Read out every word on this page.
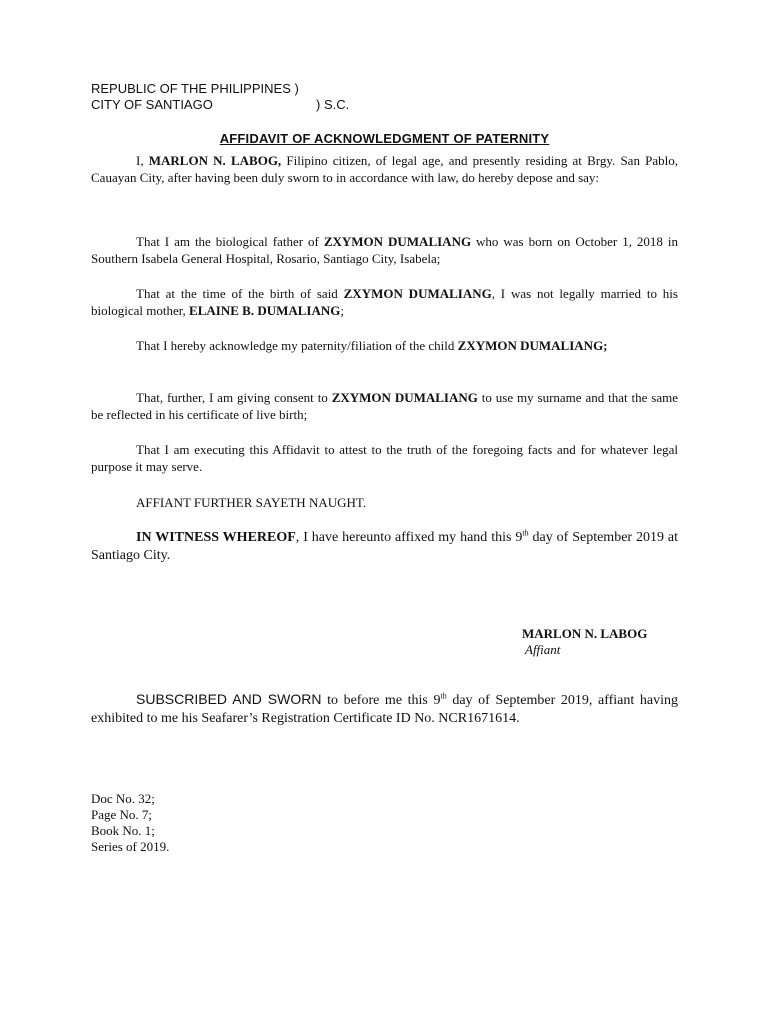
REPUBLIC OF THE PHILIPPINES )
CITY OF SANTIAGO	) S.C.
AFFIDAVIT OF ACKNOWLEDGMENT OF PATERNITY

I, MARLON N. LABOG, Filipino citizen, of legal age, and presently residing at Brgy. San Pablo, Cauayan City, after having been duly sworn to in accordance with law, do hereby depose and say:

That I am the biological father of ZXYMON DUMALIANG who was born on October 1, 2018 in Southern Isabela General Hospital, Rosario, Santiago City, Isabela;

That at the time of the birth of said ZXYMON DUMALIANG, I was not legally married to his biological mother, ELAINE B. DUMALIANG;

That I hereby acknowledge my paternity/filiation of the child ZXYMON DUMALIANG;

That, further, I am giving consent to ZXYMON DUMALIANG to use my surname and that the same be reflected in his certificate of live birth;

That I am executing this Affidavit to attest to the truth of the foregoing facts and for whatever legal purpose it may serve.

AFFIANT FURTHER SAYETH NAUGHT.

IN WITNESS WHEREOF, I have hereunto affixed my hand this 9th day of September 2019 at Santiago City.

MARLON N. LABOG
Affiant

SUBSCRIBED AND SWORN to before me this 9th day of September 2019, affiant having exhibited to me his Seafarer’s Registration Certificate ID No. NCR1671614.

Doc No. 32;
Page No. 7;
Book No. 1;
Series of 2019.
